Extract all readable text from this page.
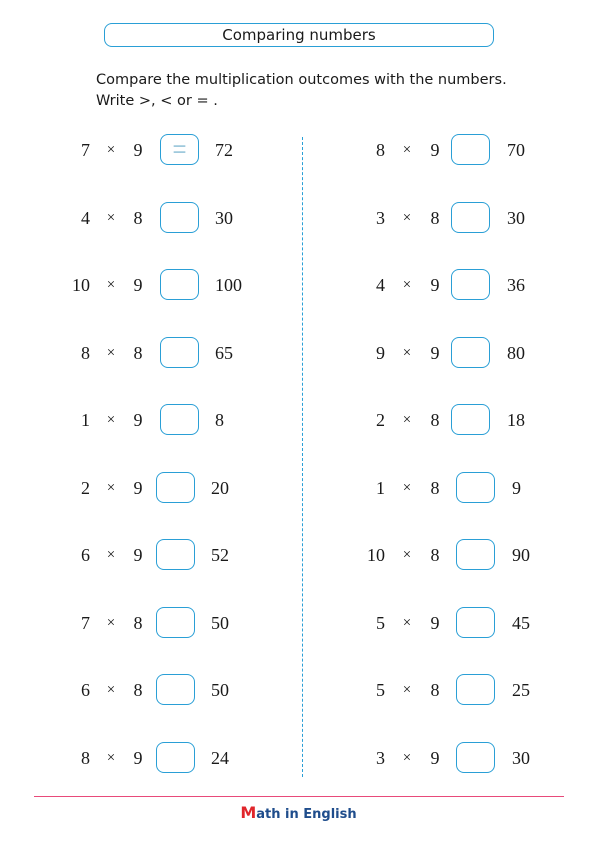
Comparing numbers
Compare the multiplication outcomes with the numbers.
Write >, < or = .
7 × 9	=	72
4 × 8	30
10 × 9	100
8 × 8	65
1 × 9	8
2 × 9	20
6 × 9	52
7 × 8	50
6 × 8	50
8 × 9	24
8 × 9	70
3 × 8	30
4 × 9	36
9 × 9	80
2 × 8	18
1 × 8	9
10 × 8	90
5 × 9	45
5 × 8	25
3 × 9	30
Math in English
